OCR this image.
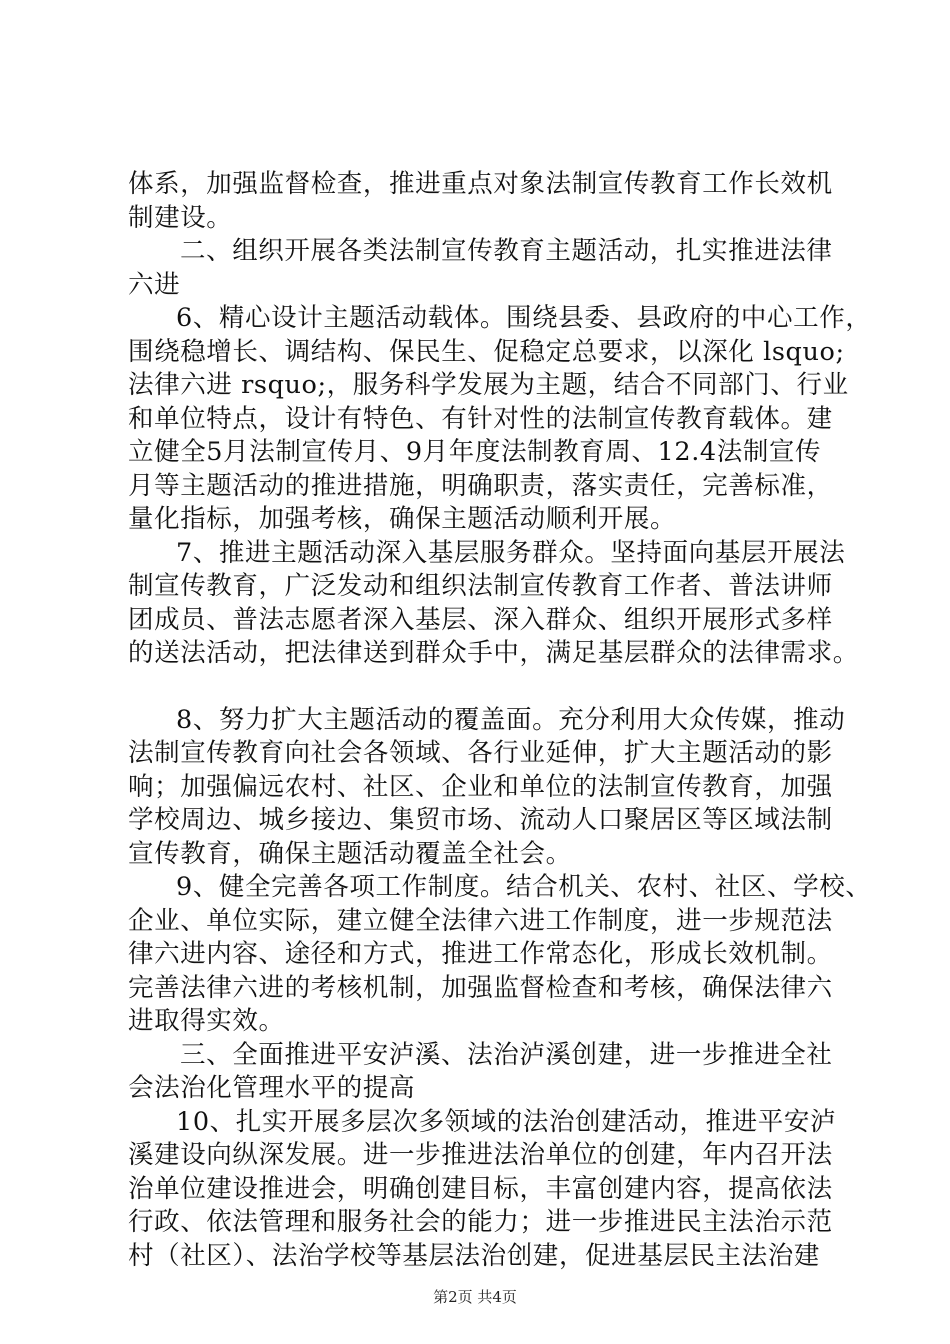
体系，加强监督检查，推进重点对象法制宣传教育工作长效机
制建设。
二、组织开展各类法制宣传教育主题活动，扎实推进法律
六进
6、精心设计主题活动载体。围绕县委、县政府的中心工作，
围绕稳增长、调结构、保民生、促稳定总要求，以深化 lsquo;
法律六进 rsquo;，服务科学发展为主题，结合不同部门、行业
和单位特点，设计有特色、有针对性的法制宣传教育载体。建
立健全5月法制宣传月、9月年度法制教育周、12.4法制宣传
月等主题活动的推进措施，明确职责，落实责任，完善标准，
量化指标，加强考核，确保主题活动顺利开展。
7、推进主题活动深入基层服务群众。坚持面向基层开展法
制宣传教育，广泛发动和组织法制宣传教育工作者、普法讲师
团成员、普法志愿者深入基层、深入群众、组织开展形式多样
的送法活动，把法律送到群众手中，满足基层群众的法律需求。
8、努力扩大主题活动的覆盖面。充分利用大众传媒，推动
法制宣传教育向社会各领域、各行业延伸，扩大主题活动的影
响；加强偏远农村、社区、企业和单位的法制宣传教育，加强
学校周边、城乡接边、集贸市场、流动人口聚居区等区域法制
宣传教育，确保主题活动覆盖全社会。
9、健全完善各项工作制度。结合机关、农村、社区、学校、
企业、单位实际，建立健全法律六进工作制度，进一步规范法
律六进内容、途径和方式，推进工作常态化，形成长效机制。
完善法律六进的考核机制，加强监督检查和考核，确保法律六
进取得实效。
三、全面推进平安泸溪、法治泸溪创建，进一步推进全社
会法治化管理水平的提高
10、扎实开展多层次多领域的法治创建活动，推进平安泸
溪建设向纵深发展。进一步推进法治单位的创建，年内召开法
治单位建设推进会，明确创建目标，丰富创建内容，提高依法
行政、依法管理和服务社会的能力；进一步推进民主法治示范
村（社区）、法治学校等基层法治创建，促进基层民主法治建
第2页 共4页
